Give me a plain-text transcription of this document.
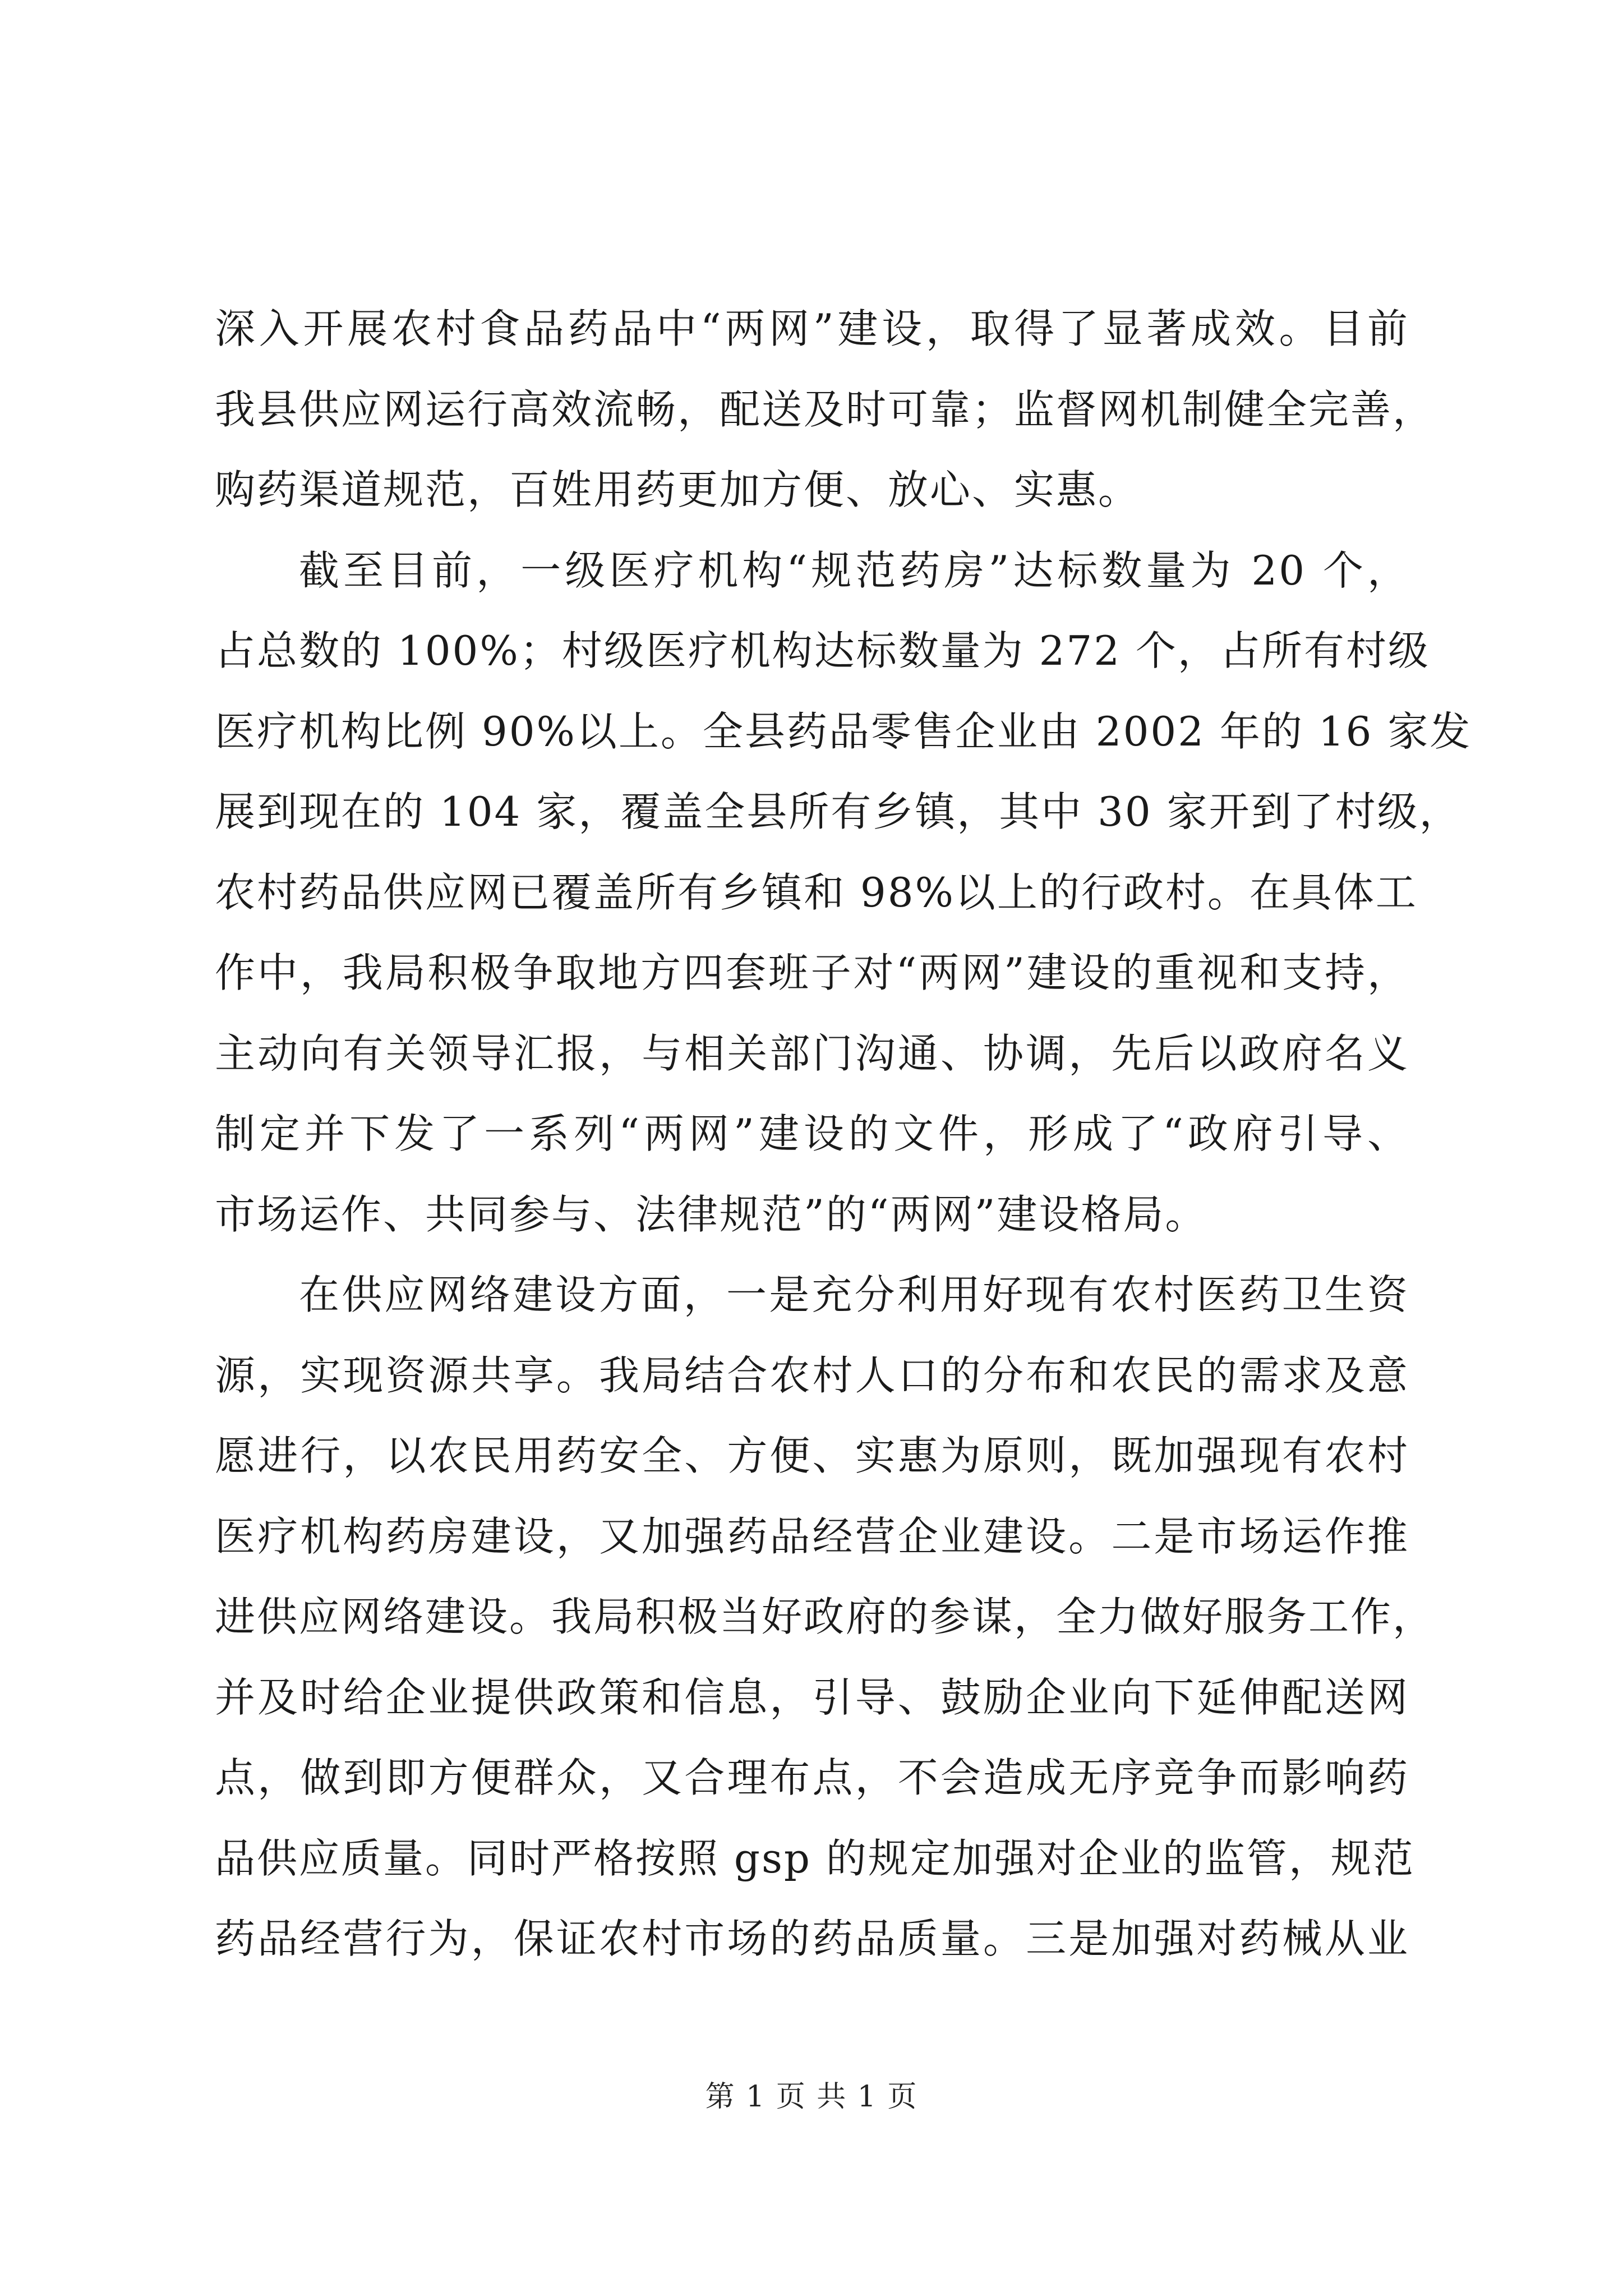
深入开展农村食品药品中“两网”建设，取得了显著成效。目前
我县供应网运行高效流畅，配送及时可靠；监督网机制健全完善，
购药渠道规范，百姓用药更加方便、放心、实惠。
截至目前，一级医疗机构“规范药房”达标数量为 20 个，
占总数的 100%；村级医疗机构达标数量为 272 个，占所有村级
医疗机构比例 90%以上。全县药品零售企业由 2002 年的 16 家发
展到现在的 104 家，覆盖全县所有乡镇，其中 30 家开到了村级，
农村药品供应网已覆盖所有乡镇和 98%以上的行政村。在具体工
作中，我局积极争取地方四套班子对“两网”建设的重视和支持，
主动向有关领导汇报，与相关部门沟通、协调，先后以政府名义
制定并下发了一系列“两网”建设的文件，形成了“政府引导、
市场运作、共同参与、法律规范”的“两网”建设格局。
在供应网络建设方面，一是充分利用好现有农村医药卫生资
源，实现资源共享。我局结合农村人口的分布和农民的需求及意
愿进行，以农民用药安全、方便、实惠为原则，既加强现有农村
医疗机构药房建设，又加强药品经营企业建设。二是市场运作推
进供应网络建设。我局积极当好政府的参谋，全力做好服务工作，
并及时给企业提供政策和信息，引导、鼓励企业向下延伸配送网
点，做到即方便群众，又合理布点，不会造成无序竞争而影响药
品供应质量。同时严格按照 gsp 的规定加强对企业的监管，规范
药品经营行为，保证农村市场的药品质量。三是加强对药械从业
第 1 页 共 1 页
